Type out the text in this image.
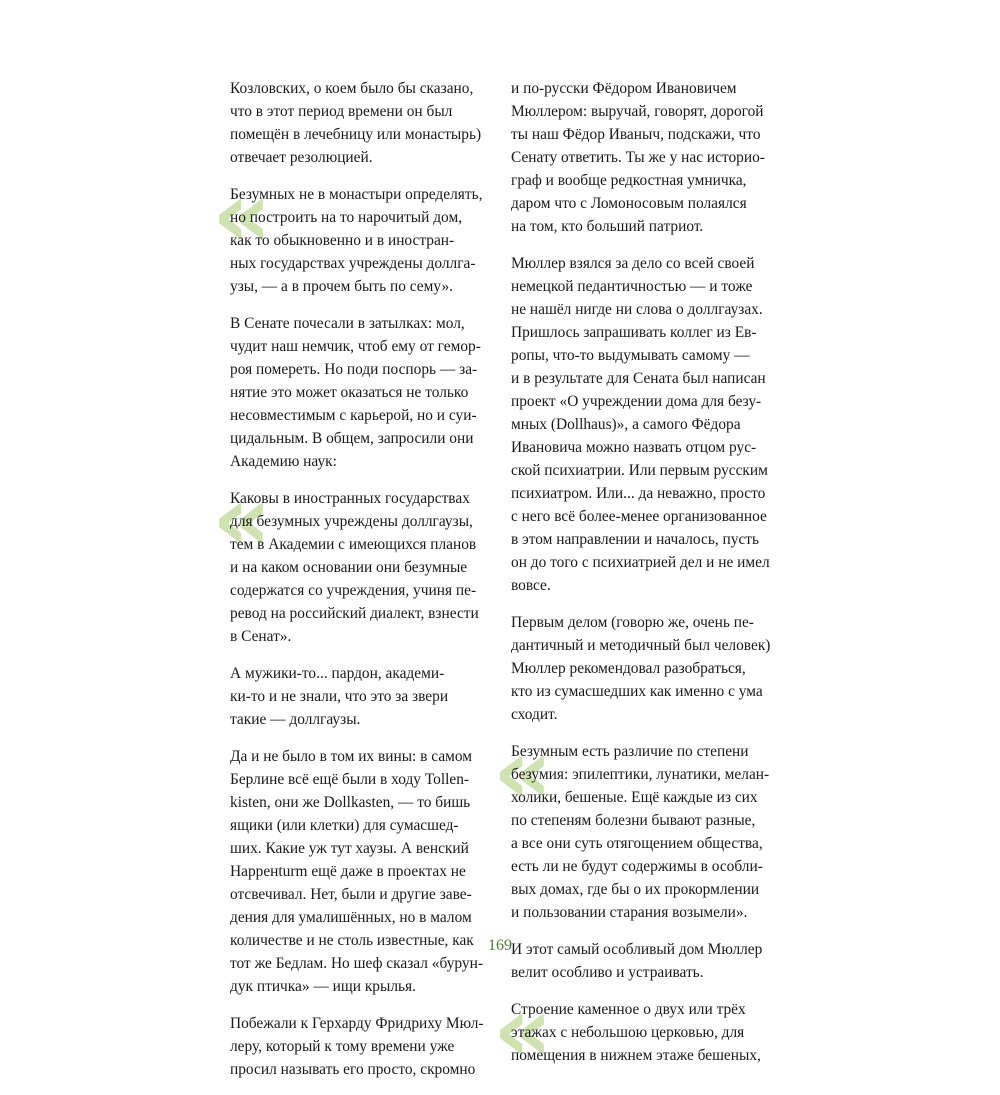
Козловских, о коем было бы сказано,
что в этот период времени он был
помещён в лечебницу или монастырь)
отвечает резолюцией.
«
Безумных не в монастыри определять,
но построить на то нарочитый дом,
как то обыкновенно и в иностран-
ных государствах учреждены доллга-
узы, — а в прочем быть по сему».
В Сенате почесали в затылках: мол,
чудит наш немчик, чтоб ему от гемор-
роя помереть. Но поди поспорь — за-
нятие это может оказаться не только
несовместимым с карьерой, но и суи-
цидальным. В общем, запросили они
Академию наук:
«
Каковы в иностранных государствах
для безумных учреждены доллгаузы,
тем в Академии с имеющихся планов
и на каком основании они безумные
содержатся со учреждения, учиня пе-
ревод на российский диалект, взнести
в Сенат».
А мужики-то... пардон, академи-
ки-то и не знали, что это за звери
такие — доллгаузы.
Да и не было в том их вины: в самом
Берлине всё ещё были в ходу Tollen-
kisten, они же Dollkasten, — то бишь
ящики (или клетки) для сумасшед-
ших. Какие уж тут хаузы. А венский
Нарренturm ещё даже в проектах не
отсвечивал. Нет, были и другие заве-
дения для умалишённых, но в малом
количестве и не столь известные, как
тот же Бедлам. Но шеф сказал «бурун-
дук птичка» — ищи крылья.
Побежали к Герхарду Фридриху Мюл-
леру, который к тому времени уже
просил называть его просто, скромно
и по-русски Фёдором Ивановичем
Мюллером: выручай, говорят, дорогой
ты наш Фёдор Иваныч, подскажи, что
Сенату ответить. Ты же у нас историо-
граф и вообще редкостная умничка,
даром что с Ломоносовым полаялся
на том, кто больший патриот.
Мюллер взялся за дело со всей своей
немецкой педантичностью — и тоже
не нашёл нигде ни слова о доллгаузах.
Пришлось запрашивать коллег из Ев-
ропы, что-то выдумывать самому —
и в результате для Сената был написан
проект «О учреждении дома для безу-
мных (Dollhaus)», а самого Фёдора
Ивановича можно назвать отцом рус-
ской психиатрии. Или первым русским
психиатром. Или... да неважно, просто
с него всё более-менее организованное
в этом направлении и началось, пусть
он до того с психиатрией дел и не имел
вовсе.
Первым делом (говорю же, очень пе-
дантичный и методичный был человек)
Мюллер рекомендовал разобраться,
кто из сумасшедших как именно с ума
сходит.
«
Безумным есть различие по степени
безумия: эпилептики, лунатики, мелан-
холики, бешеные. Ещё каждые из сих
по степеням болезни бывают разные,
а все они суть отягощением общества,
есть ли не будут содержимы в особли-
вых домах, где бы о их прокормлении
и пользовании старания возымели».
И этот самый особливый дом Мюллер
велит особливо и устраивать.
«
Строение каменное о двух или трёх
этажах с небольшою церковью, для
помещения в нижнем этаже бешеных,
169
